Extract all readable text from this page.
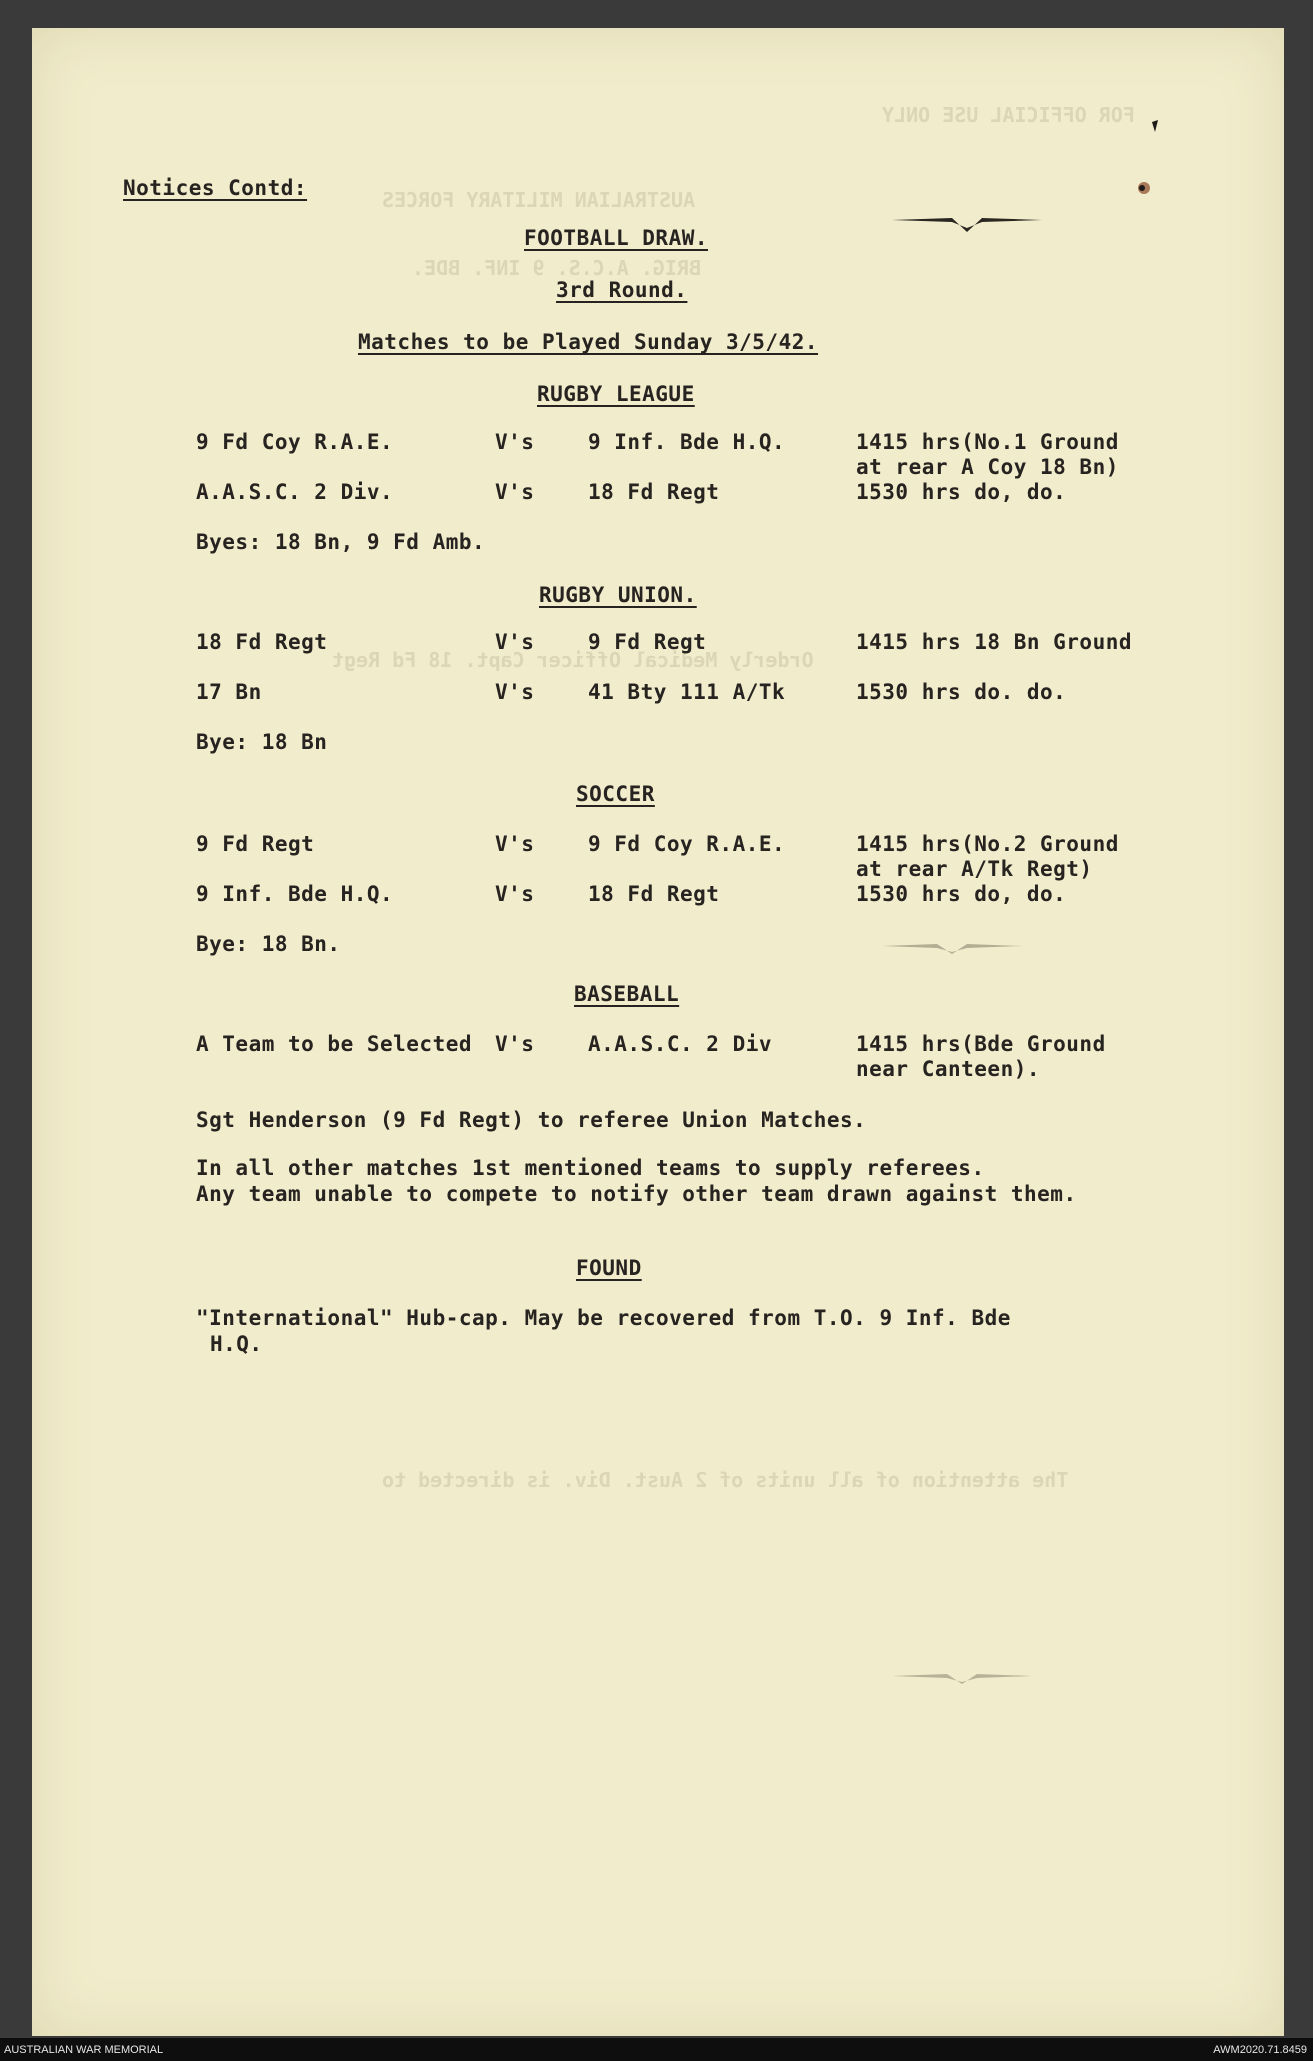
FOR OFFICIAL USE ONLY
AUSTRALIAN MILITARY FORCES
BRIG. A.C.S. 9 INF. BDE.
Orderly Medical Officer Capt. 18 Fd Regt
The attention of all units of 2 Aust. Div. is directed to
Notices Contd:
FOOTBALL DRAW.
3rd Round.
Matches to be Played Sunday 3/5/42.
RUGBY LEAGUE
9 Fd Coy R.A.E.	V's	9 Inf. Bde H.Q.	1415 hrs(No.1 Ground
at rear A Coy 18 Bn)
A.A.S.C. 2 Div.	V's	18 Fd Regt	1530 hrs do, do.
Byes: 18 Bn, 9 Fd Amb.
RUGBY UNION.
18 Fd Regt	V's	9 Fd Regt	1415 hrs 18 Bn Ground
17 Bn	V's	41 Bty 111 A/Tk	1530 hrs do. do.
Bye: 18 Bn
SOCCER
9 Fd Regt	V's	9 Fd Coy R.A.E.	1415 hrs(No.2 Ground
at rear A/Tk Regt)
9 Inf. Bde H.Q.	V's	18 Fd Regt	1530 hrs do, do.
Bye: 18 Bn.
BASEBALL
A Team to be Selected V's	A.A.S.C. 2 Div	1415 hrs(Bde Ground
near Canteen).
Sgt Henderson (9 Fd Regt) to referee Union Matches.
In all other matches 1st mentioned teams to supply referees.
Any team unable to compete to notify other team drawn against them.
FOUND
"International" Hub-cap. May be recovered from T.O. 9 Inf. Bde
H.Q.
AUSTRALIAN WAR MEMORIAL	AWM2020.71.8459
